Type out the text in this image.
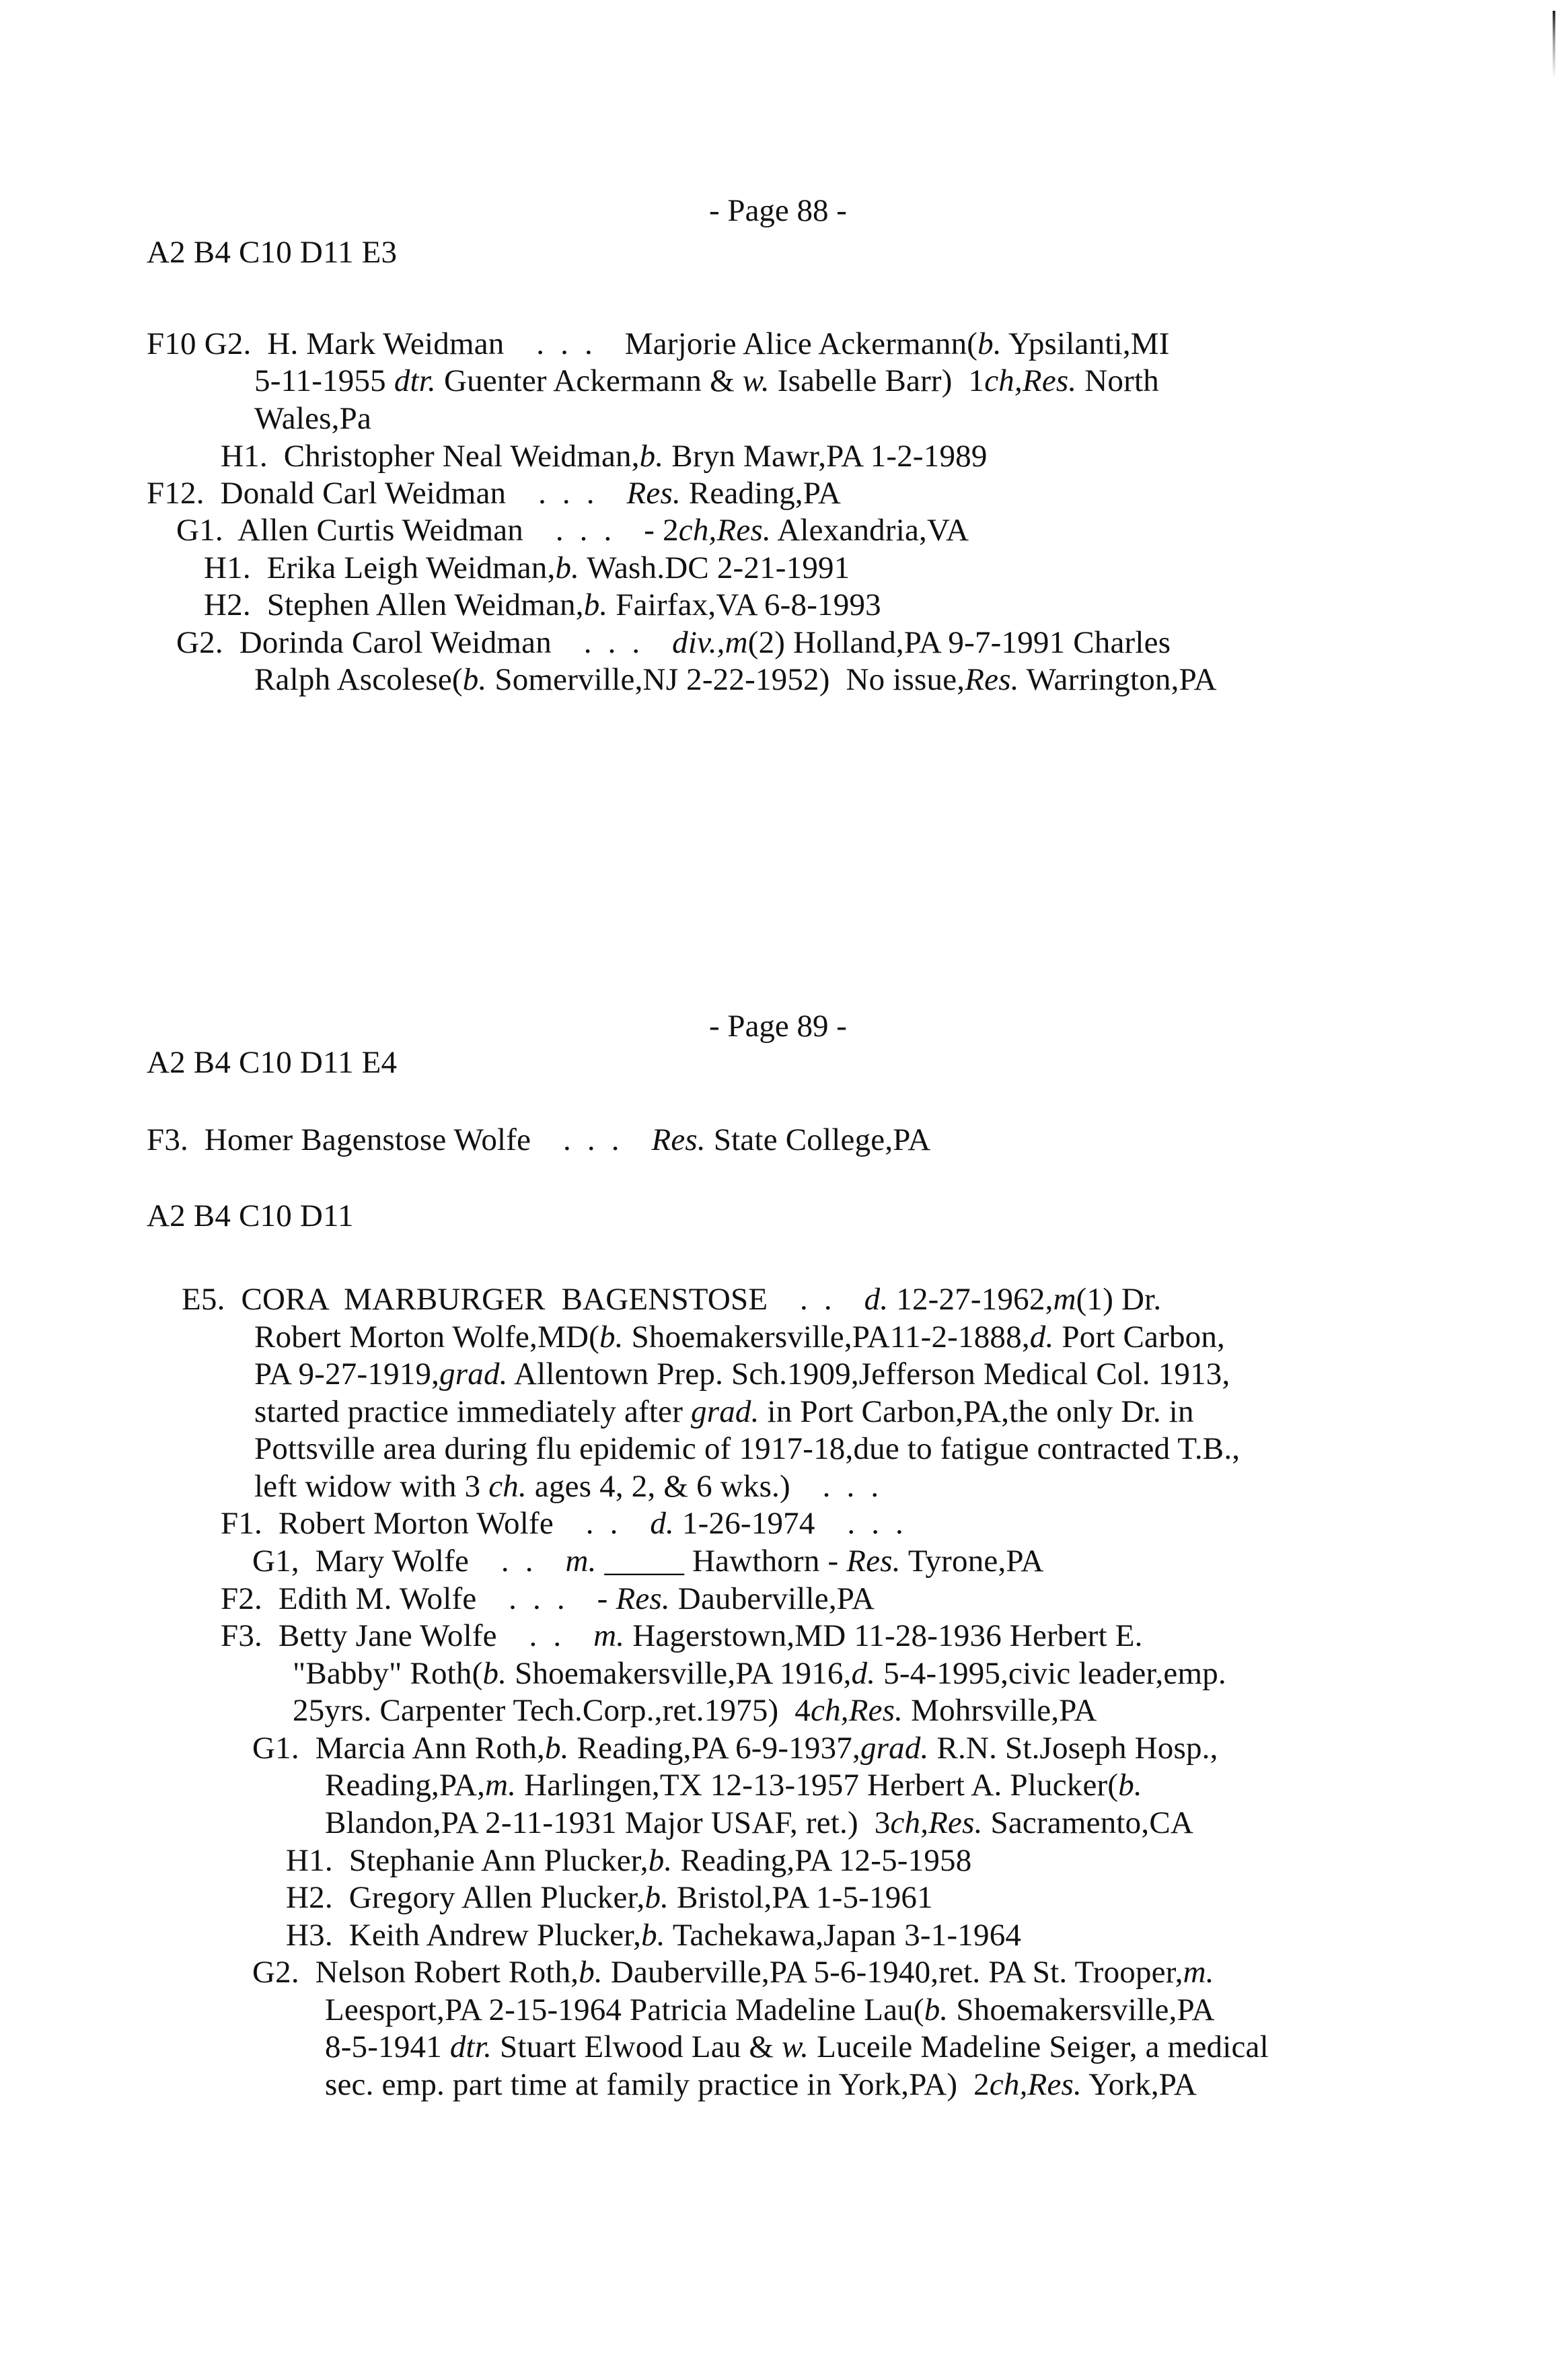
- Page 88 -
A2 B4 C10 D11 E3
F10 G2.  H. Mark Weidman    .  .  .    Marjorie Alice Ackermann(b. Ypsilanti,MI
5-11-1955 dtr. Guenter Ackermann & w. Isabelle Barr)  1ch,Res. North
Wales,Pa
H1.  Christopher Neal Weidman,b. Bryn Mawr,PA 1-2-1989
F12.  Donald Carl Weidman    .  .  .    Res. Reading,PA
G1.  Allen Curtis Weidman    .  .  .    - 2ch,Res. Alexandria,VA
H1.  Erika Leigh Weidman,b. Wash.DC 2-21-1991
H2.  Stephen Allen Weidman,b. Fairfax,VA 6-8-1993
G2.  Dorinda Carol Weidman    .  .  .    div.,m(2) Holland,PA 9-7-1991 Charles
Ralph Ascolese(b. Somerville,NJ 2-22-1952)  No issue,Res. Warrington,PA
- Page 89 -
A2 B4 C10 D11 E4
F3.  Homer Bagenstose Wolfe    .  .  .    Res. State College,PA
A2 B4 C10 D11
E5.  CORA  MARBURGER  BAGENSTOSE    .  .    d. 12-27-1962,m(1) Dr.
Robert Morton Wolfe,MD(b. Shoemakersville,PA11-2-1888,d. Port Carbon,
PA 9-27-1919,grad. Allentown Prep. Sch.1909,Jefferson Medical Col. 1913,
started practice immediately after grad. in Port Carbon,PA,the only Dr. in
Pottsville area during flu epidemic of 1917-18,due to fatigue contracted T.B.,
left widow with 3 ch. ages 4, 2, & 6 wks.)    .  .  .
F1.  Robert Morton Wolfe    .  .    d. 1-26-1974    .  .  .
G1,  Mary Wolfe    .  .    m. _____ Hawthorn - Res. Tyrone,PA
F2.  Edith M. Wolfe    .  .  .    - Res. Dauberville,PA
F3.  Betty Jane Wolfe    .  .    m. Hagerstown,MD 11-28-1936 Herbert E.
"Babby" Roth(b. Shoemakersville,PA 1916,d. 5-4-1995,civic leader,emp.
25yrs. Carpenter Tech.Corp.,ret.1975)  4ch,Res. Mohrsville,PA
G1.  Marcia Ann Roth,b. Reading,PA 6-9-1937,grad. R.N. St.Joseph Hosp.,
Reading,PA,m. Harlingen,TX 12-13-1957 Herbert A. Plucker(b.
Blandon,PA 2-11-1931 Major USAF, ret.)  3ch,Res. Sacramento,CA
H1.  Stephanie Ann Plucker,b. Reading,PA 12-5-1958
H2.  Gregory Allen Plucker,b. Bristol,PA 1-5-1961
H3.  Keith Andrew Plucker,b. Tachekawa,Japan 3-1-1964
G2.  Nelson Robert Roth,b. Dauberville,PA 5-6-1940,ret. PA St. Trooper,m.
Leesport,PA 2-15-1964 Patricia Madeline Lau(b. Shoemakersville,PA
8-5-1941 dtr. Stuart Elwood Lau & w. Luceile Madeline Seiger, a medical
sec. emp. part time at family practice in York,PA)  2ch,Res. York,PA
